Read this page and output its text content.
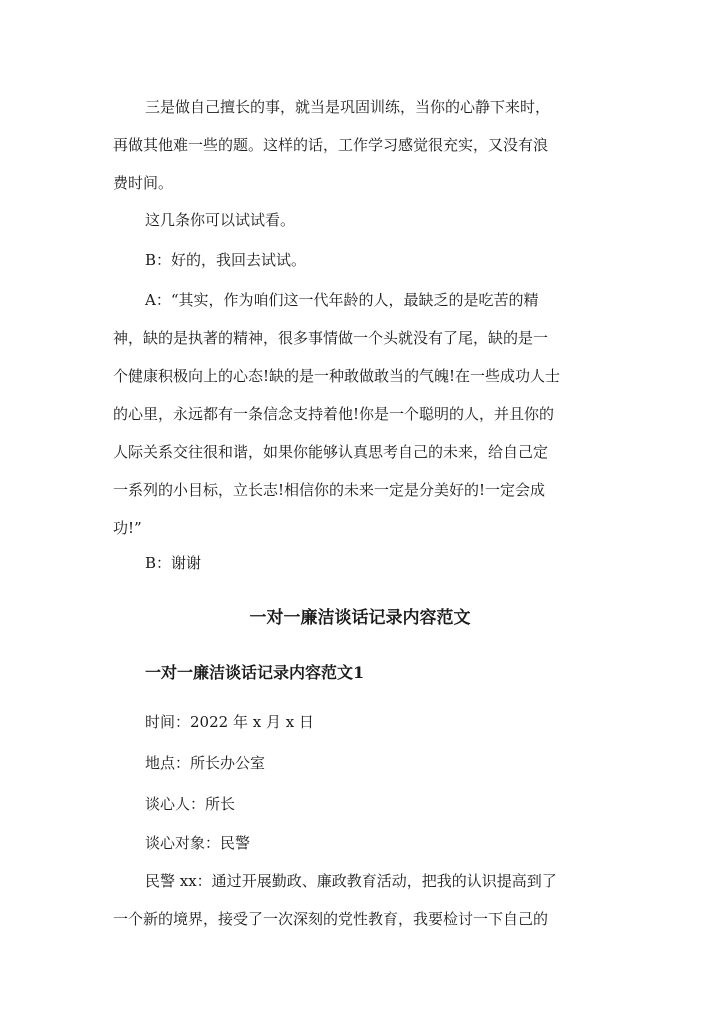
三是做自己擅长的事，就当是巩固训练，当你的心静下来时，
再做其他难一些的题。这样的话，工作学习感觉很充实，又没有浪
费时间。
这几条你可以试试看。
B：好的，我回去试试。
A：“其实，作为咱们这一代年龄的人，最缺乏的是吃苦的精
神，缺的是执著的精神，很多事情做一个头就没有了尾，缺的是一
个健康积极向上的心态!缺的是一种敢做敢当的气魄!在一些成功人士
的心里，永远都有一条信念支持着他!你是一个聪明的人，并且你的
人际关系交往很和谐，如果你能够认真思考自己的未来，给自己定
一系列的小目标，立长志!相信你的未来一定是分美好的!一定会成
功!”
B：谢谢
一对一廉洁谈话记录内容范文
一对一廉洁谈话记录内容范文1
时间：2022 年 x 月 x 日
地点：所长办公室
谈心人：所长
谈心对象：民警
民警 xx：通过开展勤政、廉政教育活动，把我的认识提高到了
一个新的境界，接受了一次深刻的党性教育，我要检讨一下自己的
